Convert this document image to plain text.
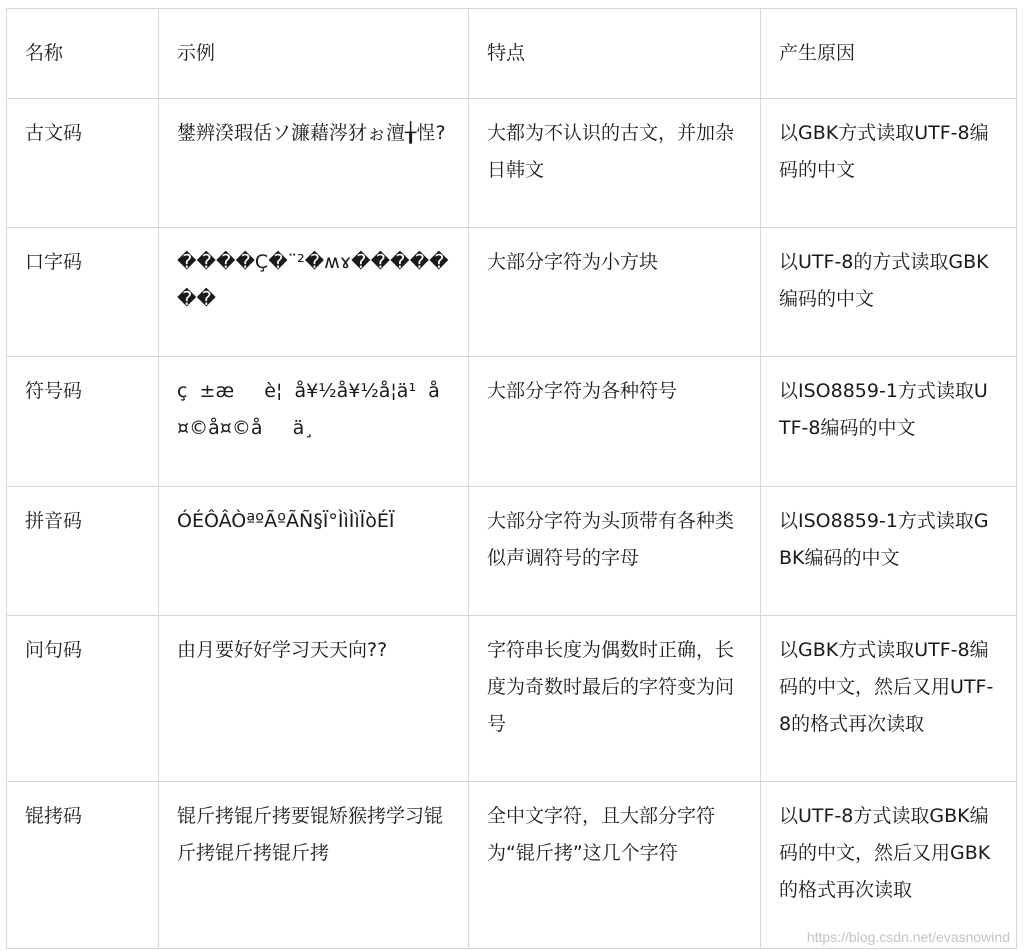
名称	示例	特点	产生原因
古文码	鐢辨湀瑕佸ソ濂藉涔犲ぉ澶╁悜?	大都为不认识的古文，并加杂日韩文	以GBK方式读取UTF-8编码的中文
口字码	����Ç�¨²�ʍɤ�������	大部分字符为小方块	以UTF-8的方式读取GBK编码的中文
符号码	ç  ±æ     è¦  å¥½å¥½å¦ä¹  å¤©å¤©å     ä¸	大部分字符为各种符号	以ISO8859-1方式读取UTF-8编码的中文
拼音码	ÓÉÔÂÒªºÃºÃÑ§Ï°ÌìÌìÏòÉÏ	大部分字符为头顶带有各种类似声调符号的字母	以ISO8859-1方式读取GBK编码的中文
问句码	由月要好好学习天天向??	字符串长度为偶数时正确，长度为奇数时最后的字符变为问号	以GBK方式读取UTF-8编码的中文，然后又用UTF-8的格式再次读取
锟拷码	锟斤拷锟斤拷要锟矫猴拷学习锟斤拷锟斤拷锟斤拷	全中文字符，且大部分字符为“锟斤拷”这几个字符	以UTF-8方式读取GBK编码的中文，然后又用GBK的格式再次读取
https://blog.csdn.net/evasnowind
